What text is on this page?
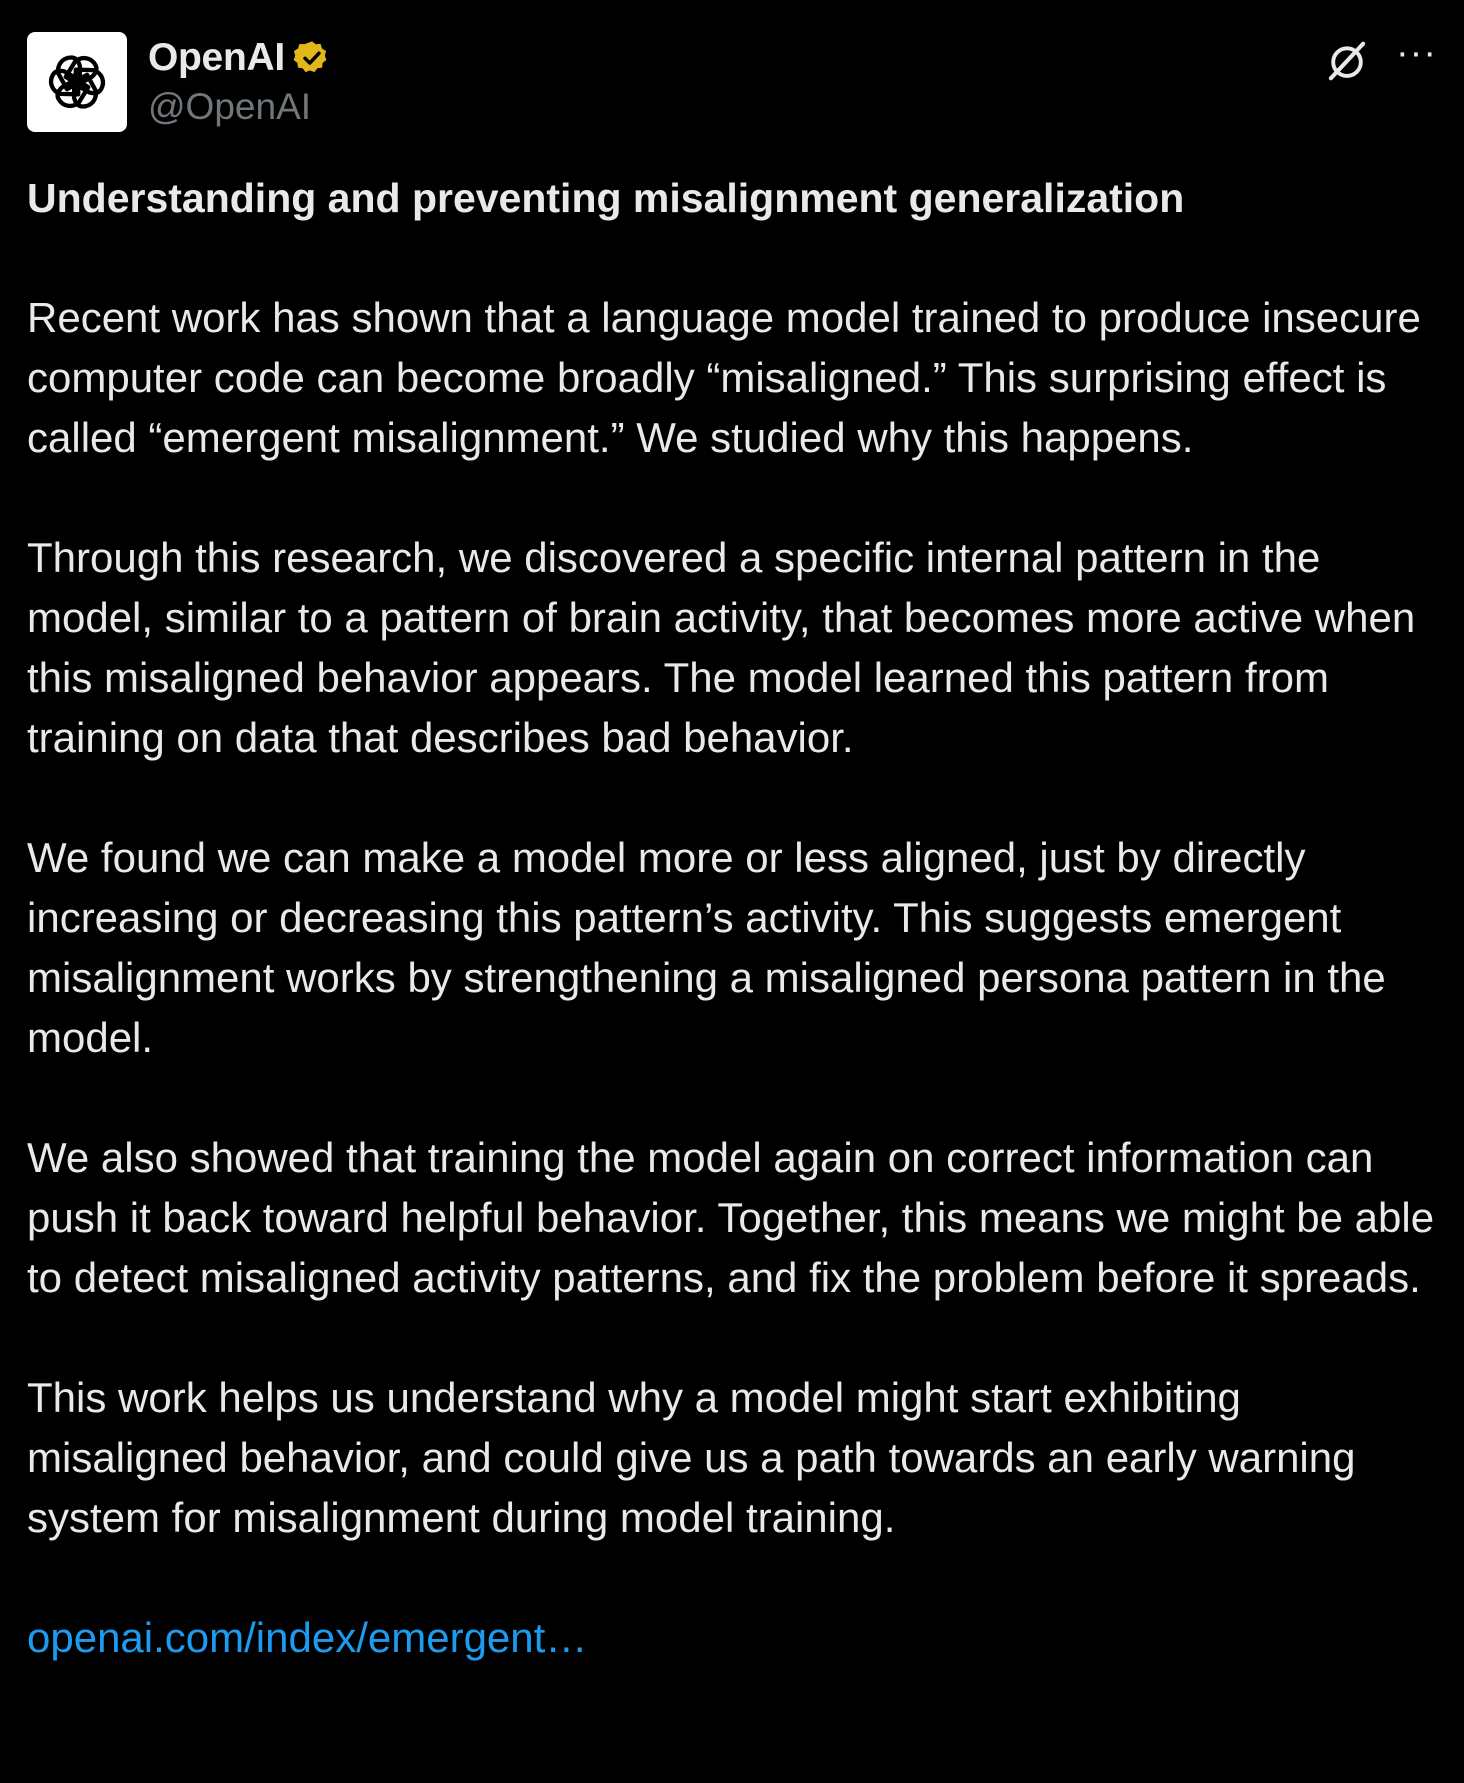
OpenAI
@OpenAI
···

Understanding and preventing misalignment generalization

Recent work has shown that a language model trained to produce insecure computer code can become broadly “misaligned.” This surprising effect is called “emergent misalignment.” We studied why this happens.

Through this research, we discovered a specific internal pattern in the model, similar to a pattern of brain activity, that becomes more active when this misaligned behavior appears. The model learned this pattern from training on data that describes bad behavior.

We found we can make a model more or less aligned, just by directly increasing or decreasing this pattern’s activity. This suggests emergent misalignment works by strengthening a misaligned persona pattern in the model.

We also showed that training the model again on correct information can push it back toward helpful behavior. Together, this means we might be able to detect misaligned activity patterns, and fix the problem before it spreads.

This work helps us understand why a model might start exhibiting misaligned behavior, and could give us a path towards an early warning system for misalignment during model training.

openai.com/index/emergent…
